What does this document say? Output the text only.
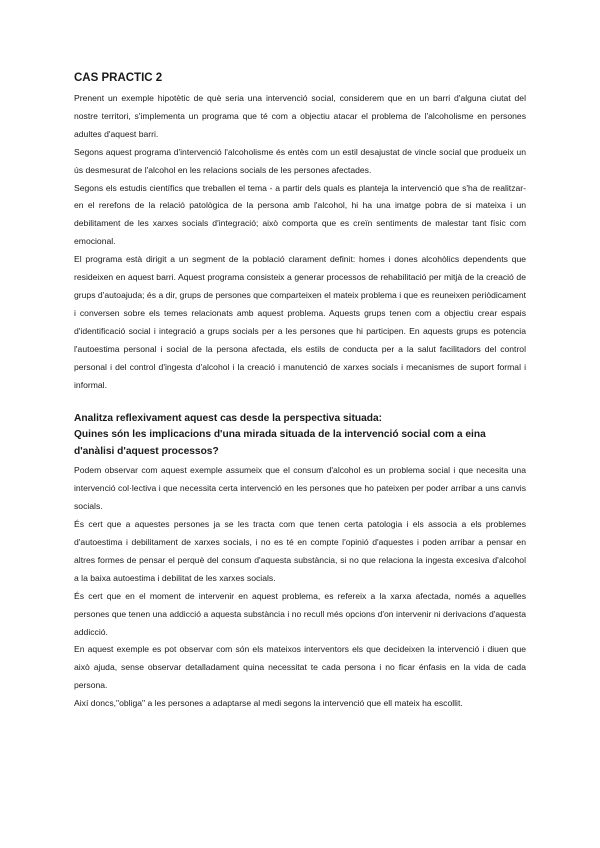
CAS PRACTIC 2

Prenent un exemple hipotètic de què seria una intervenció social, considerem que en un barri d'alguna ciutat del nostre territori, s'implementa un programa que té com a objectiu atacar el problema de l'alcoholisme en persones adultes d'aquest barri.

Segons aquest programa d'intervenció l'alcoholisme és entès com un estil desajustat de vincle social que produeix un ús desmesurat de l'alcohol en les relacions socials de les persones afectades.

Segons els estudis científics que treballen el tema - a partir dels quals es planteja la intervenció que s'ha de realitzar- en el rerefons de la relació patològica de la persona amb l'alcohol, hi ha una imatge pobra de si mateixa i un debilitament de les xarxes socials d'integració; això comporta que es creïn sentiments de malestar tant físic com emocional.

El programa està dirigit a un segment de la població clarament definit: homes i dones alcohòlics dependents que resideixen en aquest barri. Aquest programa consisteix a generar processos de rehabilitació per mitjà de la creació de grups d'autoajuda; és a dir, grups de persones que comparteixen el mateix problema i que es reuneixen periòdicament i conversen sobre els temes relacionats amb aquest problema. Aquests grups tenen com a objectiu crear espais d'identificació social i integració a grups socials per a les persones que hi participen. En aquests grups es potencia l'autoestima personal i social de la persona afectada, els estils de conducta per a la salut facilitadors del control personal i del control d'ingesta d'alcohol i la creació i manutenció de xarxes socials i mecanismes de suport formal i informal.

Analitza reflexivament aquest cas desde la perspectiva situada:
Quines són les implicacions d'una mirada situada de la intervenció social com a eina d'anàlisi d'aquest processos?

Podem observar com aquest exemple assumeix que el consum d'alcohol es un problema social i que necesita una intervenció col·lectiva i que necessita certa intervenció en les persones que ho pateixen per poder arribar a uns canvis socials.

És cert que a aquestes persones ja se les tracta com que tenen certa patologia i els associa a els problemes d'autoestima i debilitament de xarxes socials, i no es té en compte l'opinió d'aquestes i poden arribar a pensar en altres formes de pensar el perquè del consum d'aquesta substància, si no que relaciona la ingesta excesiva d'alcohol a la baixa autoestima i debilitat de les xarxes socials.

És cert que en el moment de intervenir en aquest problema, es refereix a la xarxa afectada, només a aquelles persones que tenen una addicció a aquesta substància i no recull més opcions d'on intervenir ni derivacions d'aquesta addicció.

En aquest exemple es pot observar com són els mateixos interventors els que decideixen la intervenció i diuen que això ajuda, sense observar detalladament quina necessitat te cada persona i no ficar énfasis en la vida de cada persona.

Així doncs,"obliga" a les persones a adaptarse al medi segons la intervenció que ell mateix ha escollit.
